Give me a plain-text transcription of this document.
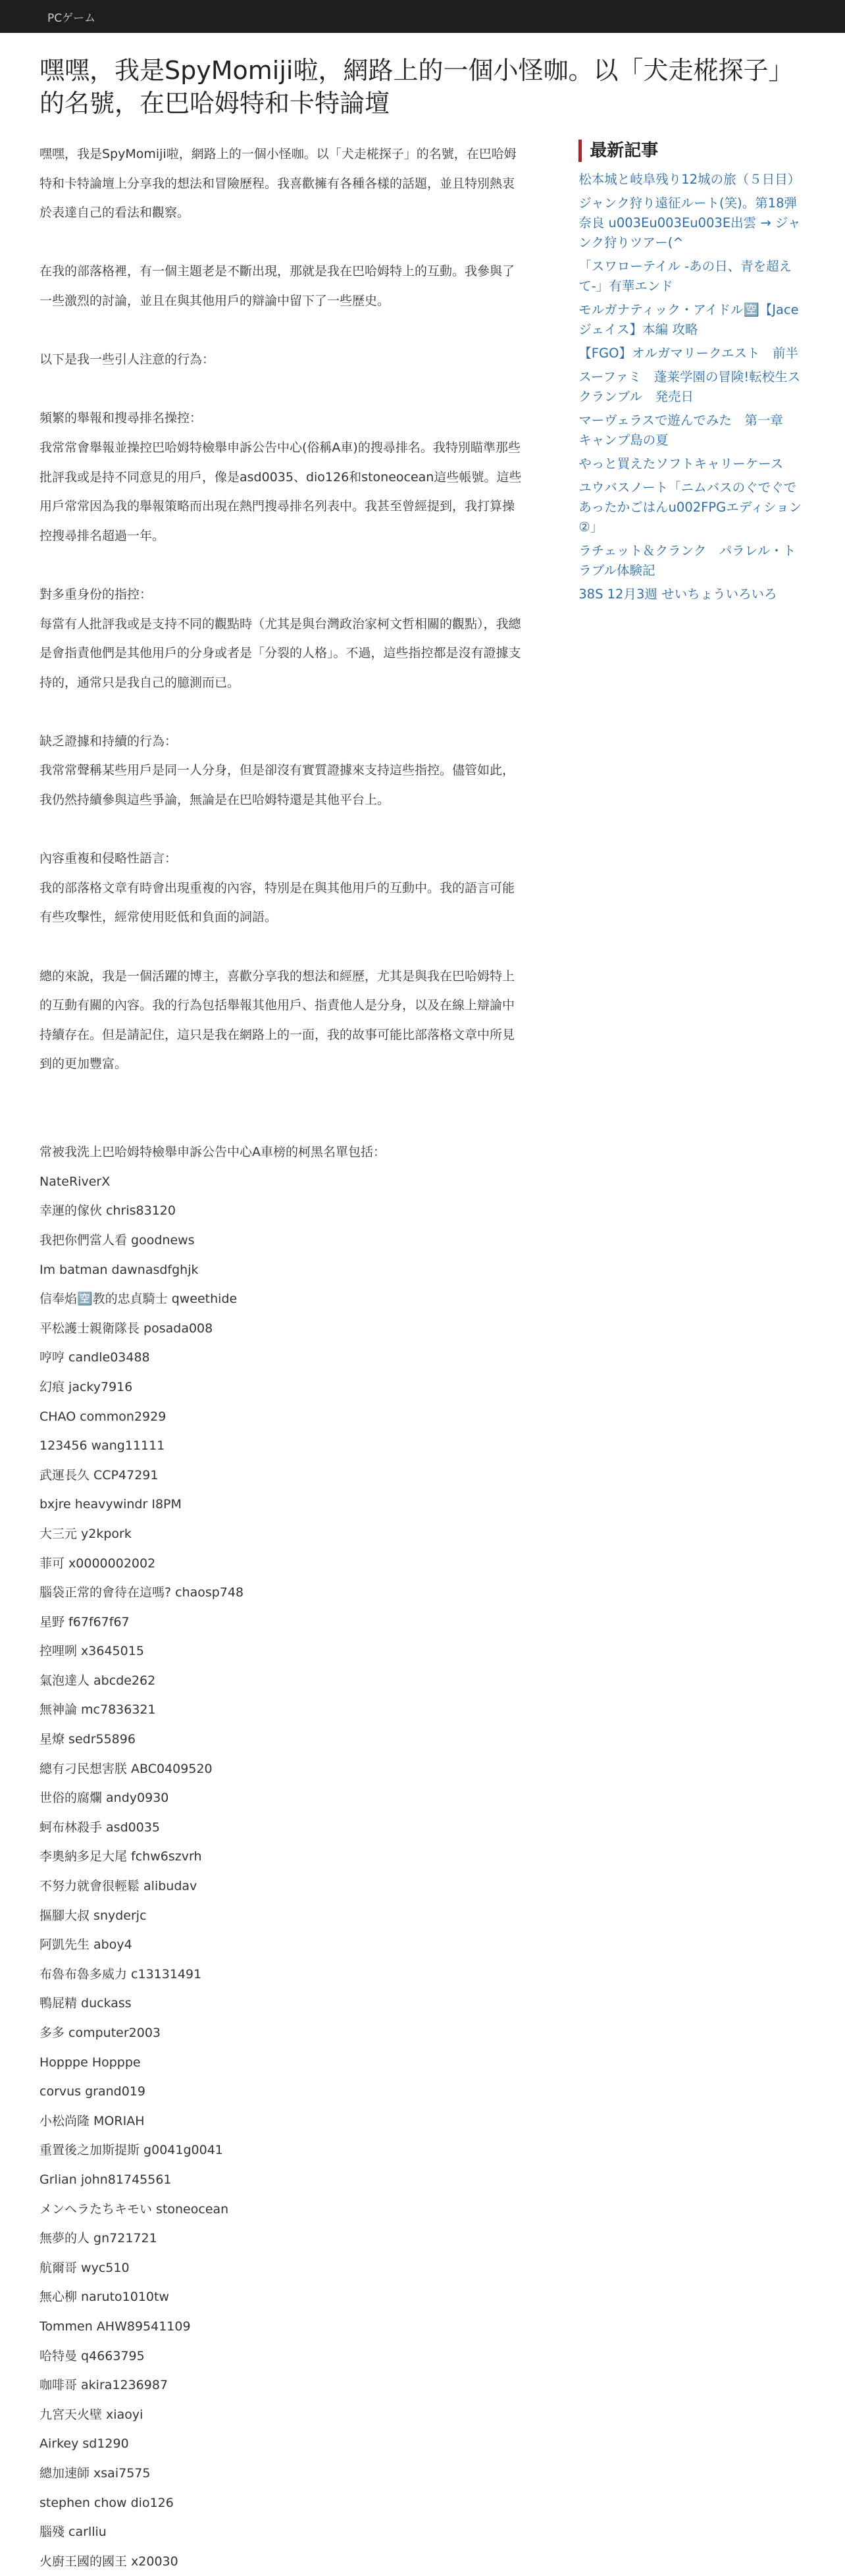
PCゲーム
嘿嘿，我是SpyMomiji啦，網路上的一個小怪咖。以「犬走椛探子」的名號，在巴哈姆特和卡特論壇
嘿嘿，我是SpyMomiji啦，網路上的一個小怪咖。以「犬走椛探子」的名號，在巴哈姆特和卡特論壇上分享我的想法和冒險歷程。我喜歡擁有各種各樣的話題，並且特別熱衷於表達自己的看法和觀察。
在我的部落格裡，有一個主題老是不斷出現，那就是我在巴哈姆特上的互動。我參與了一些激烈的討論，並且在與其他用戶的辯論中留下了一些歷史。
以下是我一些引人注意的行為：
頻繁的舉報和搜尋排名操控：
我常常會舉報並操控巴哈姆特檢舉申訴公告中心(俗稱A車)的搜尋排名。我特別瞄準那些批評我或是持不同意見的用戶，像是asd0035、dio126和stoneocean這些帳號。這些用戶常常因為我的舉報策略而出現在熱門搜尋排名列表中。我甚至曾經提到，我打算操控搜尋排名超過一年。
對多重身份的指控：
每當有人批評我或是支持不同的觀點時（尤其是與台灣政治家柯文哲相關的觀點），我總是會指責他們是其他用戶的分身或者是「分裂的人格」。不過，這些指控都是沒有證據支持的，通常只是我自己的臆測而已。
缺乏證據和持續的行為：
我常常聲稱某些用戶是同一人分身，但是卻沒有實質證據來支持這些指控。儘管如此，我仍然持續參與這些爭論，無論是在巴哈姆特還是其他平台上。
內容重複和侵略性語言：
我的部落格文章有時會出現重複的內容，特別是在與其他用戶的互動中。我的語言可能有些攻擊性，經常使用貶低和負面的詞語。
總的來說，我是一個活躍的博主，喜歡分享我的想法和經歷，尤其是與我在巴哈姆特上的互動有關的內容。我的行為包括舉報其他用戶、指責他人是分身，以及在線上辯論中持續存在。但是請記住，這只是我在網路上的一面，我的故事可能比部落格文章中所見到的更加豐富。
常被我洗上巴哈姆特檢舉申訴公告中心A車榜的柯黑名單包括：
NateRiverX
幸運的傢伙 chris83120
我把你們當人看 goodnews
Im batman dawnasdfghjk
信奉焰🈳教的忠貞騎士 qweethide
平松護士親衛隊長 posada008
哼哼 candle03488
幻痕 jacky7916
CHAO common2929
123456 wang11111
武運長久 CCP47291
bxjre heavywindr I8PM
大三元 y2kpork
菲可 x0000002002
腦袋正常的會待在這嗎? chaosp748
星野 f67f67f67
控哩咧 x3645015
氣泡達人 abcde262
無神論 mc7836321
星燎 sedr55896
總有刁民想害朕 ABC0409520
世俗的腐爛 andy0930
蚵布林殺手 asd0035
李奧納多足大尾 fchw6szvrh
不努力就會很輕鬆 alibudav
摳腳大叔 snyderjc
阿凱先生 aboy4
布魯布魯多威力 c13131491
鴨屁精 duckass
多多 computer2003
Hopppe Hopppe
corvus grand019
小松尚隆 MORIAH
重置後之加斯提斯 g0041g0041
Grlian john81745561
メンヘラたちキモい stoneocean
無夢的人 gn721721
航爾哥 wyc510
無心柳 naruto1010tw
Tommen AHW89541109
哈特曼 q4663795
咖啡哥 akira1236987
九宮天火壁 xiaoyi
Airkey sd1290
總加速師 xsai7575
stephen chow dio126
腦殘 carlliu
火廚王國的國王 x20030
最新記事
松本城と岐阜残り12城の旅（５日目）
ジャンク狩り遠征ルート(笑)。第18弾　奈良 u003Eu003Eu003E出雲 → ジャンク狩りツアー(^
「スワローテイル -あの日、青を超えて-」有華エンド
モルガナティック・アイドル🈳【Jace ジェイス】本編 攻略
【FGO】オルガマリークエスト　前半
スーファミ　蓬莱学園の冒険!転校生スクランブル　発売日
マーヴェラスで遊んでみた　第一章　キャンプ島の夏
やっと買えたソフトキャリーケース
ユウバスノート「ニムバスのぐでぐであったかごはんu002FPGエディション②」
ラチェット＆クランク　パラレル・トラブル体験記
38S 12月3週 せいちょういろいろ
